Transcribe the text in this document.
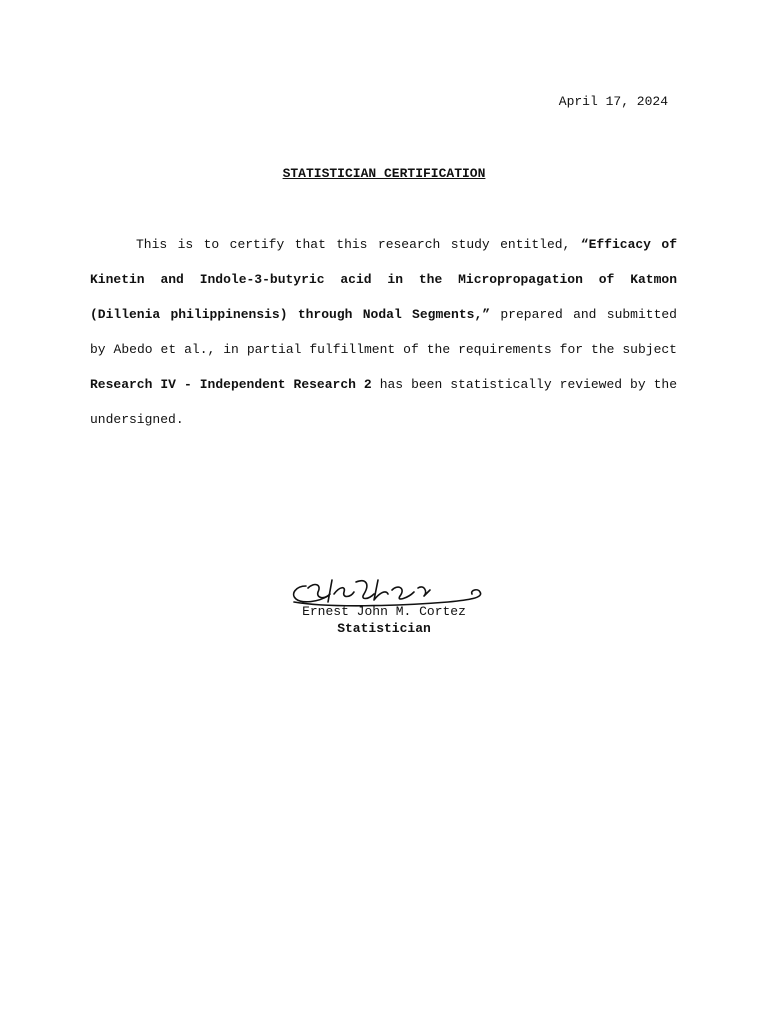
April 17, 2024
STATISTICIAN CERTIFICATION

This is to certify that this research study entitled, “Efficacy of Kinetin and Indole-3-butyric acid in the Micropropagation of Katmon (Dillenia philippinensis) through Nodal Segments,” prepared and submitted by Abedo et al., in partial fulfillment of the requirements for the subject Research IV - Independent Research 2 has been statistically reviewed by the undersigned.

Ernest John M. Cortez
Statistician
